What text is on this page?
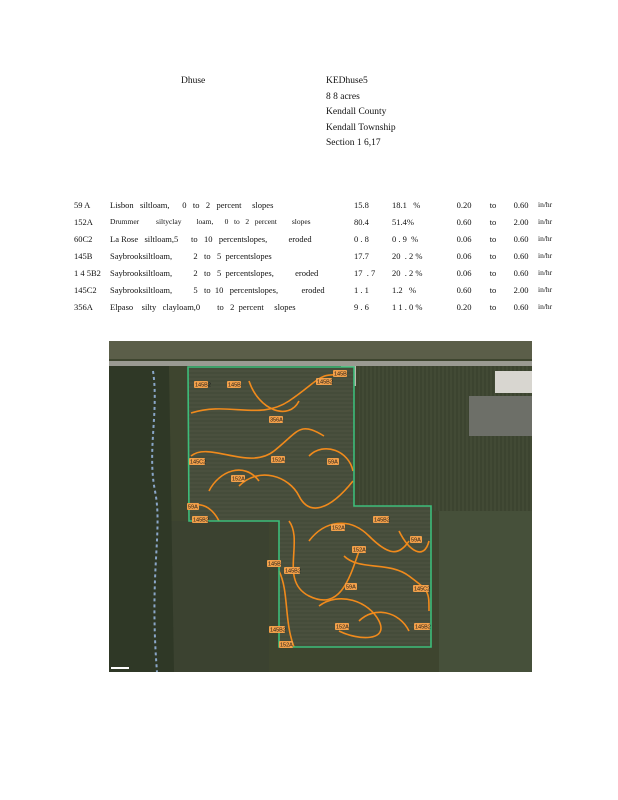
Dhuse	KEDhuse5
8 8 acres
Kendall County
Kendall Township
Section 1 6,17
59 A	Lisbon   siltloam,      0   to   2   percent     slopes	15.8	18.1   %	0.20	to	0.60	in/hr
152A	Drummer         siltyclay        loam,      0   to   2   percent        slopes	80.4	51.4%	0.60	to	2.00	in/hr
60C2	La Rose   siltloam,5      to   10   percentslopes,          eroded	0 . 8	0 . 9  %	0.06	to	0.60	in/hr
145B	Saybrooksiltloam,          2   to   5  percentslopes	17.7	20  . 2 %	0.06	to	0.60	in/hr
1 4 5B2	Saybrooksiltloam,          2   to   5  percentslopes,          eroded	17  . 7	20  . 2 %	0.06	to	0.60	in/hr
145C2	Saybrooksiltloam,          5   to  10   percentslopes,           eroded	1 . 1	1.2   %	0.60	to	2.00	in/hr
356A	Elpaso    silty   clayloam,0        to   2  percent     slopes	9 . 6	1 1 . 0 %	0.20	to	0.60	in/hr
145B2	145B
356A
145B2
145B
152A	59A
145C2
152A
59A
145B2
152A
152A
59A
145B
145B2
145B2
59A	145C2
152A
145B2	145B2
152A
